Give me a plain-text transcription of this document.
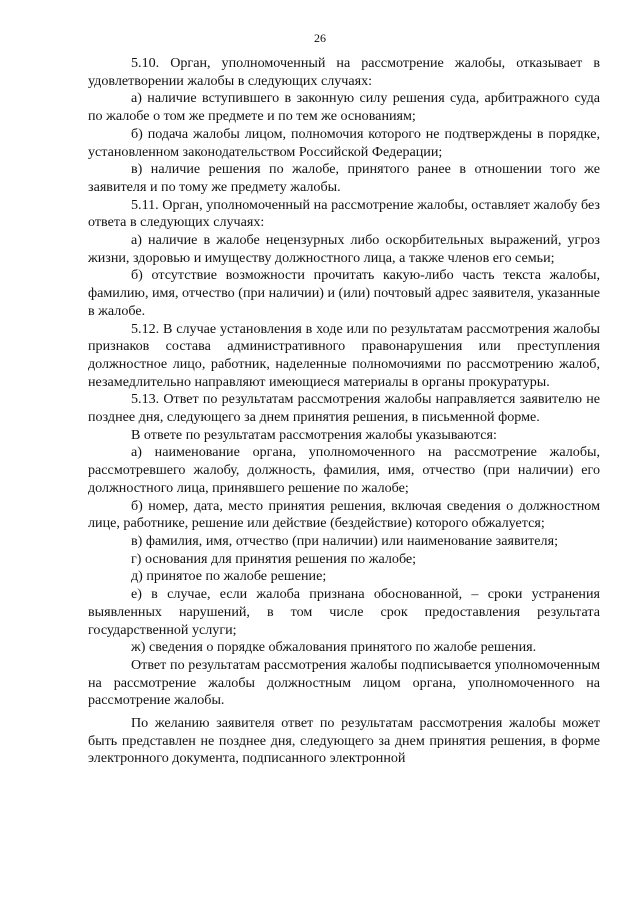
26

5.10. Орган, уполномоченный на рассмотрение жалобы, отказывает в удовлетворении жалобы в следующих случаях:

а) наличие вступившего в законную силу решения суда, арбитражного суда по жалобе о том же предмете и по тем же основаниям;

б) подача жалобы лицом, полномочия которого не подтверждены в порядке, установленном законодательством Российской Федерации;

в) наличие решения по жалобе, принятого ранее в отношении того же заявителя и по тому же предмету жалобы.

5.11. Орган, уполномоченный на рассмотрение жалобы, оставляет жалобу без ответа в следующих случаях:

а) наличие в жалобе нецензурных либо оскорбительных выражений, угроз жизни, здоровью и имуществу должностного лица, а также членов его семьи;

б) отсутствие возможности прочитать какую-либо часть текста жалобы, фамилию, имя, отчество (при наличии) и (или) почтовый адрес заявителя, указанные в жалобе.

5.12. В случае установления в ходе или по результатам рассмотрения жалобы признаков состава административного правонарушения или преступления должностное лицо, работник, наделенные полномочиями по рассмотрению жалоб, незамедлительно направляют имеющиеся материалы в органы прокуратуры.

5.13. Ответ по результатам рассмотрения жалобы направляется заявителю не позднее дня, следующего за днем принятия решения, в письменной форме.

В ответе по результатам рассмотрения жалобы указываются:

а) наименование органа, уполномоченного на рассмотрение жалобы, рассмотревшего жалобу, должность, фамилия, имя, отчество (при наличии) его должностного лица, принявшего решение по жалобе;

б) номер, дата, место принятия решения, включая сведения о должностном лице, работнике, решение или действие (бездействие) которого обжалуется;

в) фамилия, имя, отчество (при наличии) или наименование заявителя;

г) основания для принятия решения по жалобе;

д) принятое по жалобе решение;

е) в случае, если жалоба признана обоснованной, – сроки устранения выявленных нарушений, в том числе срок предоставления результата государственной услуги;

ж) сведения о порядке обжалования принятого по жалобе решения.

Ответ по результатам рассмотрения жалобы подписывается уполномоченным на рассмотрение жалобы должностным лицом органа, уполномоченного на рассмотрение жалобы.

По желанию заявителя ответ по результатам рассмотрения жалобы может быть представлен не позднее дня, следующего за днем принятия решения, в форме электронного документа, подписанного электронной
